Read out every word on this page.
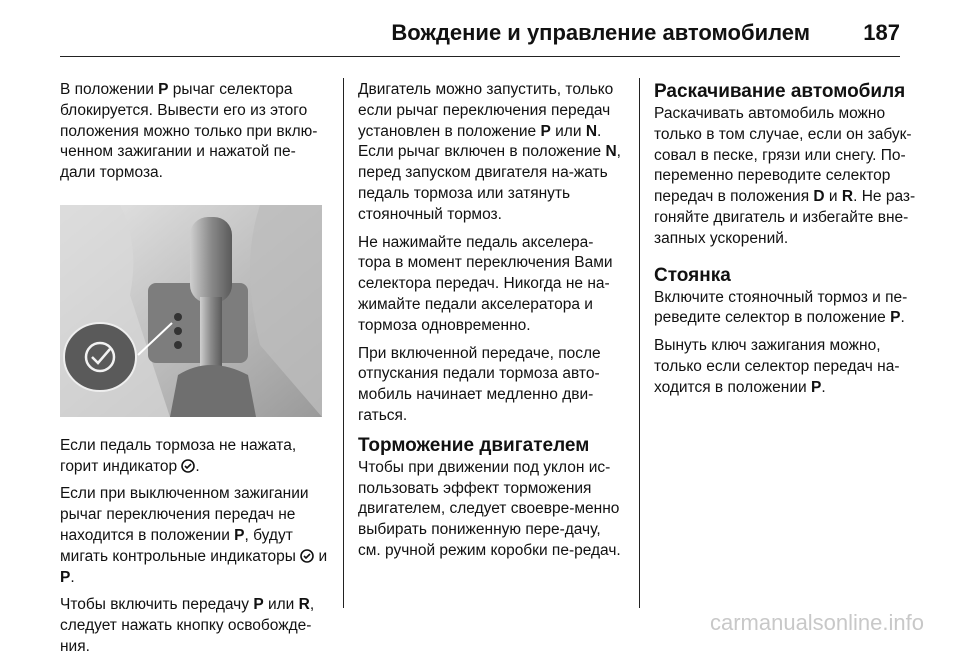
Вождение и управление автомобилем 187

В положении P рычаг селектора блокируется. Вывести его из этого положения можно только при вклю-ченном зажигании и нажатой пе-дали тормоза.

Если педаль тормоза не нажата, горит индикатор .

Если при выключенном зажигании рычаг переключения передач не находится в положении P, будут мигать контрольные индикаторы  и P.

Чтобы включить передачу P или R, следует нажать кнопку освобожде-ния.

Двигатель можно запустить, только если рычаг переключения передач установлен в положение P или N. Если рычаг включен в положение N, перед запуском двигателя на-жать педаль тормоза или затянуть стояночный тормоз.

Не нажимайте педаль акселера-тора в момент переключения Вами селектора передач. Никогда не на-жимайте педали акселератора и тормоза одновременно.

При включенной передаче, после отпускания педали тормоза авто-мобиль начинает медленно дви-гаться.

Торможение двигателем

Чтобы при движении под уклон ис-пользовать эффект торможения двигателем, следует своевре-менно выбирать пониженную пере-дачу, см. ручной режим коробки пе-редач.

Раскачивание автомобиля

Раскачивать автомобиль можно только в том случае, если он забук-совал в песке, грязи или снегу. По-переменно переводите селектор передач в положения D и R. Не раз-гоняйте двигатель и избегайте вне-запных ускорений.

Стоянка

Включите стояночный тормоз и пе-реведите селектор в положение P.

Вынуть ключ зажигания можно, только если селектор передач на-ходится в положении P.

carmanualsonline.info
